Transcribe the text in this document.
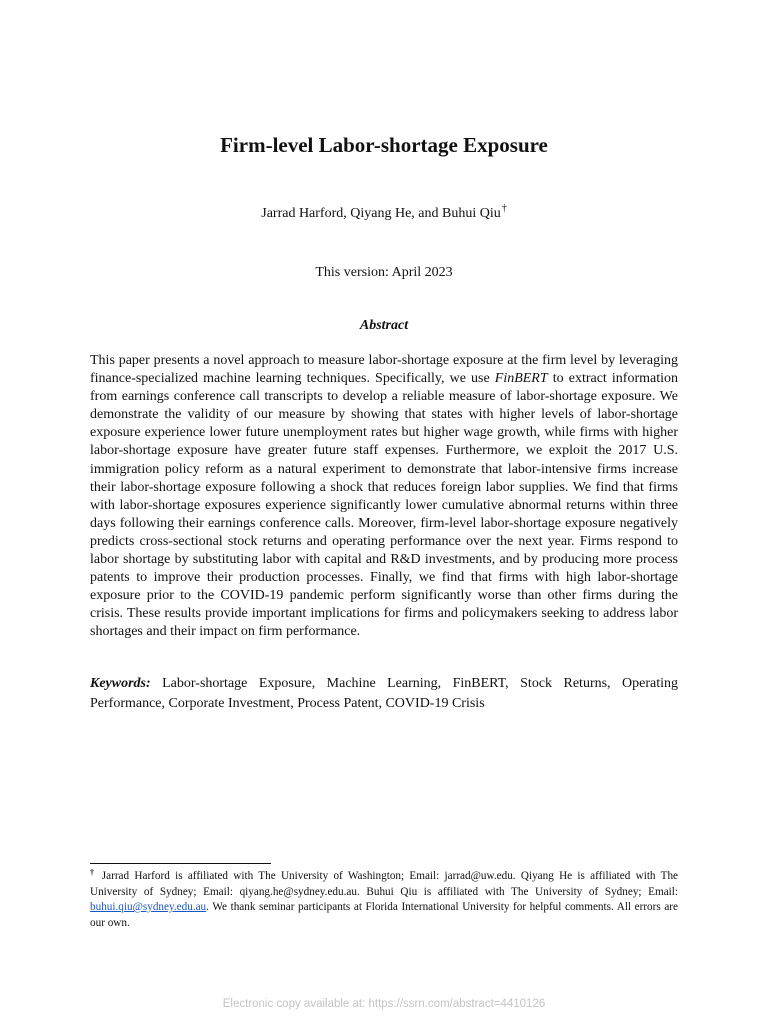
Firm-level Labor-shortage Exposure
Jarrad Harford, Qiyang He, and Buhui Qiu†
This version: April 2023
Abstract

This paper presents a novel approach to measure labor-shortage exposure at the firm level by leveraging finance-specialized machine learning techniques. Specifically, we use FinBERT to extract information from earnings conference call transcripts to develop a reliable measure of labor-shortage exposure. We demonstrate the validity of our measure by showing that states with higher levels of labor-shortage exposure experience lower future unemployment rates but higher wage growth, while firms with higher labor-shortage exposure have greater future staff expenses. Furthermore, we exploit the 2017 U.S. immigration policy reform as a natural experiment to demonstrate that labor-intensive firms increase their labor-shortage exposure following a shock that reduces foreign labor supplies. We find that firms with labor-shortage exposures experience significantly lower cumulative abnormal returns within three days following their earnings conference calls. Moreover, firm-level labor-shortage exposure negatively predicts cross-sectional stock returns and operating performance over the next year. Firms respond to labor shortage by substituting labor with capital and R&D investments, and by producing more process patents to improve their production processes. Finally, we find that firms with high labor-shortage exposure prior to the COVID-19 pandemic perform significantly worse than other firms during the crisis. These results provide important implications for firms and policymakers seeking to address labor shortages and their impact on firm performance.

Keywords: Labor-shortage Exposure, Machine Learning, FinBERT, Stock Returns, Operating Performance, Corporate Investment, Process Patent, COVID-19 Crisis

† Jarrad Harford is affiliated with The University of Washington; Email: jarrad@uw.edu. Qiyang He is affiliated with The University of Sydney; Email: qiyang.he@sydney.edu.au. Buhui Qiu is affiliated with The University of Sydney; Email: buhui.qiu@sydney.edu.au. We thank seminar participants at Florida International University for helpful comments. All errors are our own.

Electronic copy available at: https://ssrn.com/abstract=4410126
